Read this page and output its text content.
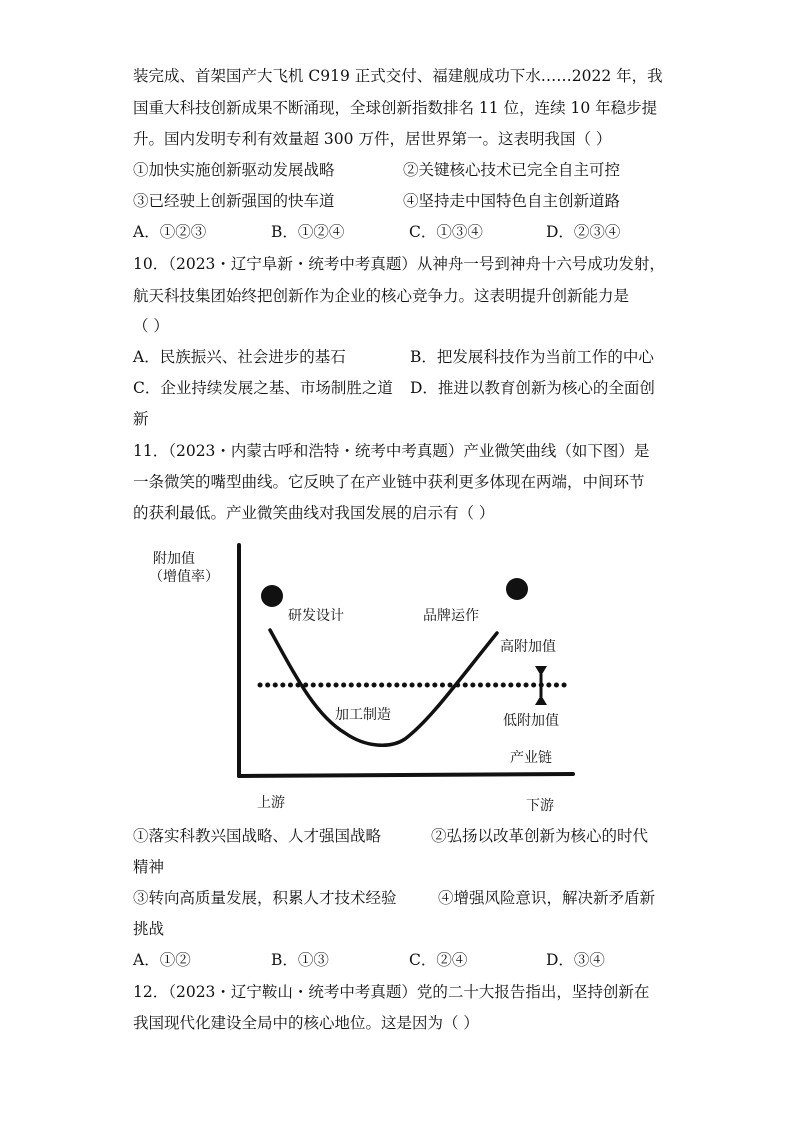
装完成、首架国产大飞机 C919 正式交付、福建舰成功下水……2022 年，我
国重大科技创新成果不断涌现，全球创新指数排名 11 位，连续 10 年稳步提
升。国内发明专利有效量超 300 万件，居世界第一。这表明我国（ ）
①加快实施创新驱动发展战略	②关键核心技术已完全自主可控
③已经驶上创新强国的快车道	④坚持走中国特色自主创新道路
A．①②③	B．①②④	C．①③④	D．②③④
10．（2023・辽宁阜新・统考中考真题）从神舟一号到神舟十六号成功发射，
航天科技集团始终把创新作为企业的核心竞争力。这表明提升创新能力是
（ ）
A．民族振兴、社会进步的基石	B．把发展科技作为当前工作的中心
C．企业持续发展之基、市场制胜之道 D．推进以教育创新为核心的全面创
新
11．（2023・内蒙古呼和浩特・统考中考真题）产业微笑曲线（如下图）是
一条微笑的嘴型曲线。它反映了在产业链中获利更多体现在两端，中间环节
的获利最低。产业微笑曲线对我国发展的启示有（ ）
附加值
（增值率）
研发设计	品牌运作
高附加值
加工制造	低附加值
产业链
上游	下游
①落实科教兴国战略、人才强国战略	②弘扬以改革创新为核心的时代
精神
③转向高质量发展，积累人才技术经验	④增强风险意识，解决新矛盾新
挑战
A．①②	B．①③	C．②④	D．③④
12．（2023・辽宁鞍山・统考中考真题）党的二十大报告指出，坚持创新在
我国现代化建设全局中的核心地位。这是因为（ ）
